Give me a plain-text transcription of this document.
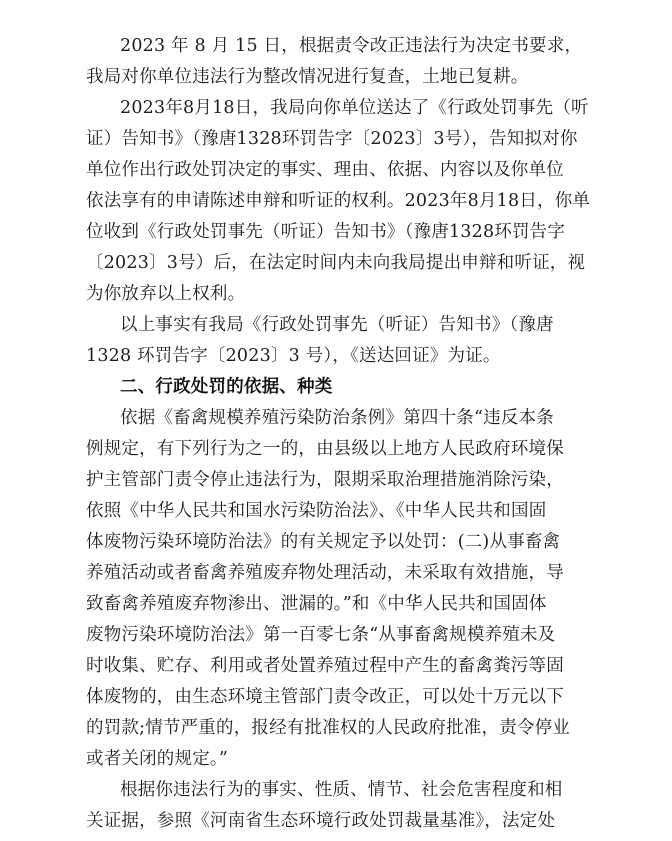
2023 年 8 月 15 日，根据责令改正违法行为决定书要求，
我局对你单位违法行为整改情况进行复查，土地已复耕。
2023年8月18日，我局向你单位送达了《行政处罚事先（听
证）告知书》（豫唐1328环罚告字〔2023〕3号），告知拟对你
单位作出行政处罚决定的事实、理由、依据、内容以及你单位
依法享有的申请陈述申辩和听证的权利。2023年8月18日，你单
位收到《行政处罚事先（听证）告知书》（豫唐1328环罚告字
〔2023〕3号）后，在法定时间内未向我局提出申辩和听证，视
为你放弃以上权利。
以上事实有我局《行政处罚事先（听证）告知书》（豫唐
1328 环罚告字〔2023〕3 号），《送达回证》为证。
二、行政处罚的依据、种类
依据《畜禽规模养殖污染防治条例》第四十条“违反本条
例规定，有下列行为之一的，由县级以上地方人民政府环境保
护主管部门责令停止违法行为，限期采取治理措施消除污染，
依照《中华人民共和国水污染防治法》、《中华人民共和国固
体废物污染环境防治法》的有关规定予以处罚：(二)从事畜禽
养殖活动或者畜禽养殖废弃物处理活动，未采取有效措施，导
致畜禽养殖废弃物渗出、泄漏的。”和《中华人民共和国固体
废物污染环境防治法》第一百零七条“从事畜禽规模养殖未及
时收集、贮存、利用或者处置养殖过程中产生的畜禽粪污等固
体废物的，由生态环境主管部门责令改正，可以处十万元以下
的罚款;情节严重的，报经有批准权的人民政府批准，责令停业
或者关闭的规定。”
根据你违法行为的事实、性质、情节、社会危害程度和相
关证据，参照《河南省生态环境行政处罚裁量基准》，法定处
